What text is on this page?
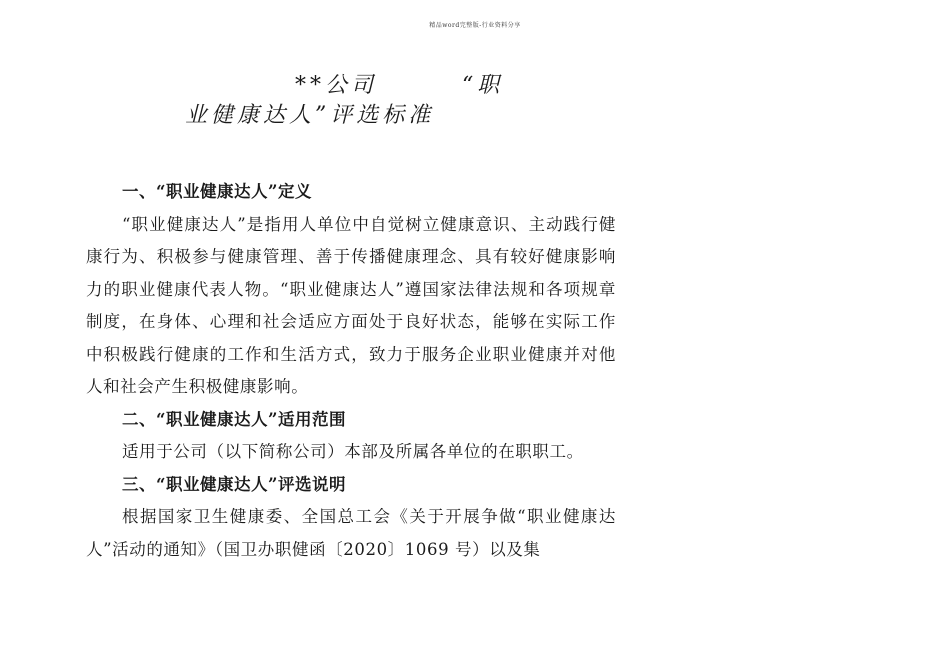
精品word完整版-行业资料分享
**公司	“职
业健康达人”评选标准

一、“职业健康达人”定义

“职业健康达人”是指用人单位中自觉树立健康意识、主动践行健康行为、积极参与健康管理、善于传播健康理念、具有较好健康影响力的职业健康代表人物。“职业健康达人”遵国家法律法规和各项规章制度，在身体、心理和社会适应方面处于良好状态，能够在实际工作中积极践行健康的工作和生活方式，致力于服务企业职业健康并对他人和社会产生积极健康影响。

二、“职业健康达人”适用范围

适用于公司（以下简称公司）本部及所属各单位的在职职工。

三、“职业健康达人”评选说明

根据国家卫生健康委、全国总工会《关于开展争做“职业健康达人”活动的通知》（国卫办职健函〔2020〕1069 号）以及集
